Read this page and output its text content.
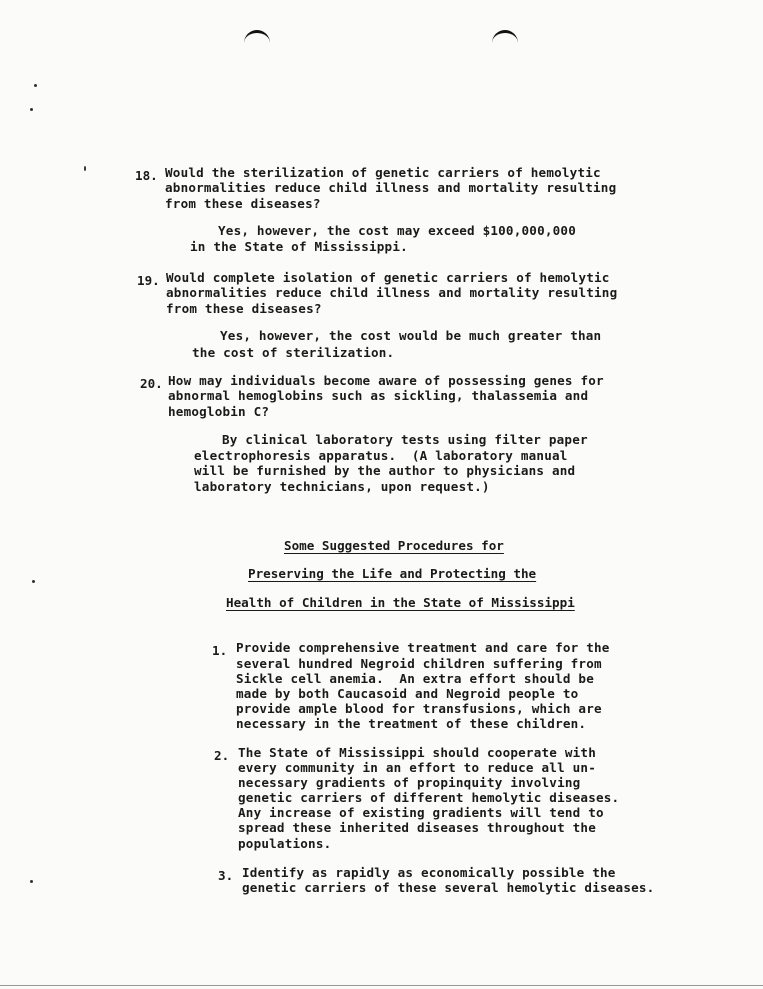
18. Would the sterilization of genetic carriers of hemolytic
abnormalities reduce child illness and mortality resulting
from these diseases?
Yes, however, the cost may exceed $100,000,000
in the State of Mississippi.
19. Would complete isolation of genetic carriers of hemolytic
abnormalities reduce child illness and mortality resulting
from these diseases?
Yes, however, the cost would be much greater than
the cost of sterilization.
20. How may individuals become aware of possessing genes for
abnormal hemoglobins such as sickling, thalassemia and
hemoglobin C?
By clinical laboratory tests using filter paper
electrophoresis apparatus.  (A laboratory manual
will be furnished by the author to physicians and
laboratory technicians, upon request.)
Some Suggested Procedures for
Preserving the Life and Protecting the
Health of Children in the State of Mississippi
1. Provide comprehensive treatment and care for the
several hundred Negroid children suffering from
Sickle cell anemia.  An extra effort should be
made by both Caucasoid and Negroid people to
provide ample blood for transfusions, which are
necessary in the treatment of these children.
2. The State of Mississippi should cooperate with
every community in an effort to reduce all un-
necessary gradients of propinquity involving
genetic carriers of different hemolytic diseases.
Any increase of existing gradients will tend to
spread these inherited diseases throughout the
populations.
3. Identify as rapidly as economically possible the
genetic carriers of these several hemolytic diseases.
